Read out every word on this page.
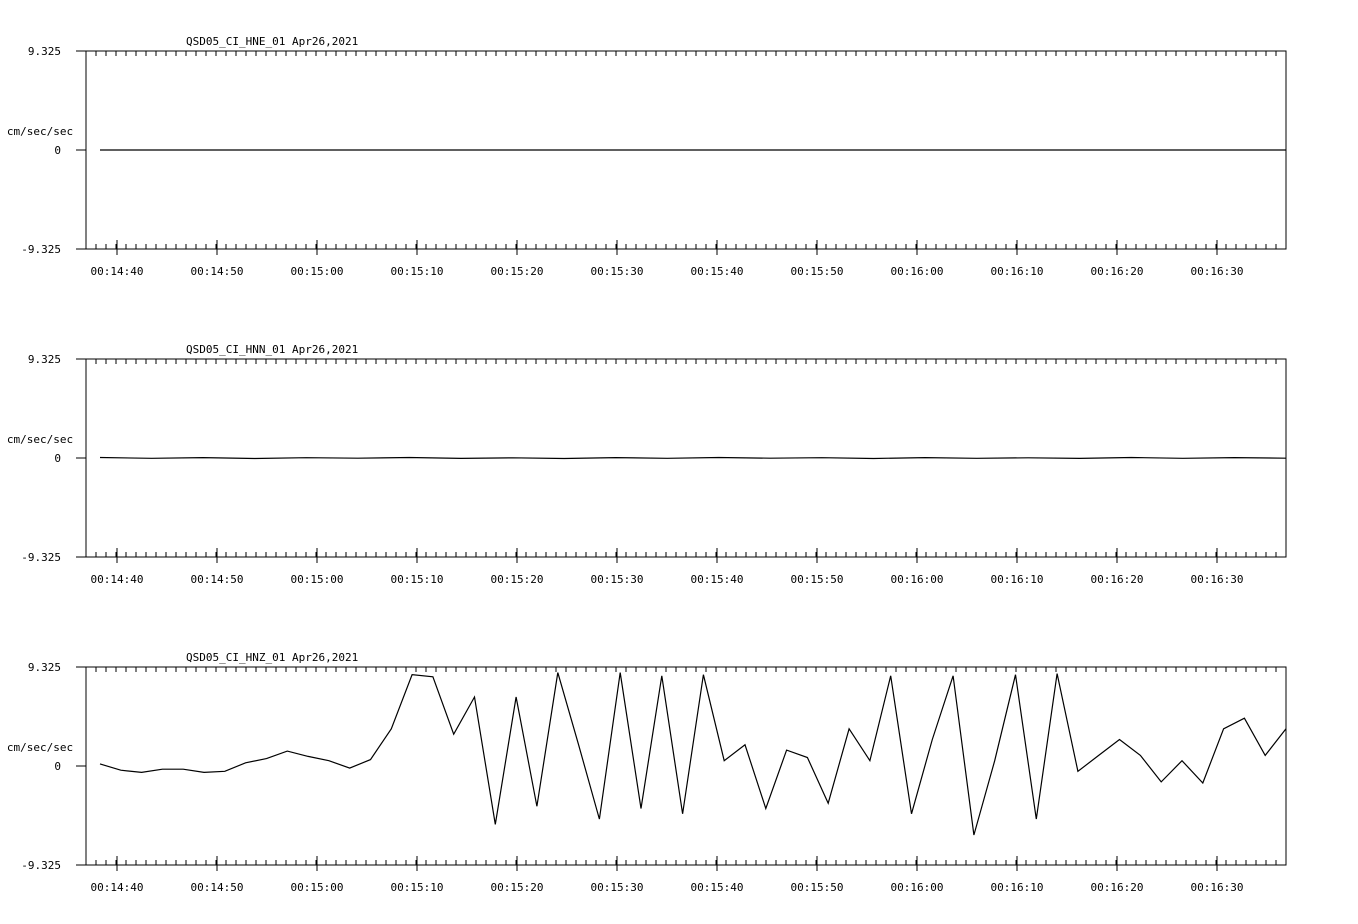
QSD05_CI_HNE_01 Apr26,2021
cm/sec/sec
9.325
0
-9.325
00:14:40	00:14:50	00:15:00	00:15:10	00:15:20	00:15:30	00:15:40	00:15:50	00:16:00	00:16:10	00:16:20	00:16:30
QSD05_CI_HNN_01 Apr26,2021
cm/sec/sec
9.325
0
-9.325
00:14:40	00:14:50	00:15:00	00:15:10	00:15:20	00:15:30	00:15:40	00:15:50	00:16:00	00:16:10	00:16:20	00:16:30
QSD05_CI_HNZ_01 Apr26,2021
cm/sec/sec
9.325
0
-9.325
00:14:40	00:14:50	00:15:00	00:15:10	00:15:20	00:15:30	00:15:40	00:15:50	00:16:00	00:16:10	00:16:20	00:16:30
